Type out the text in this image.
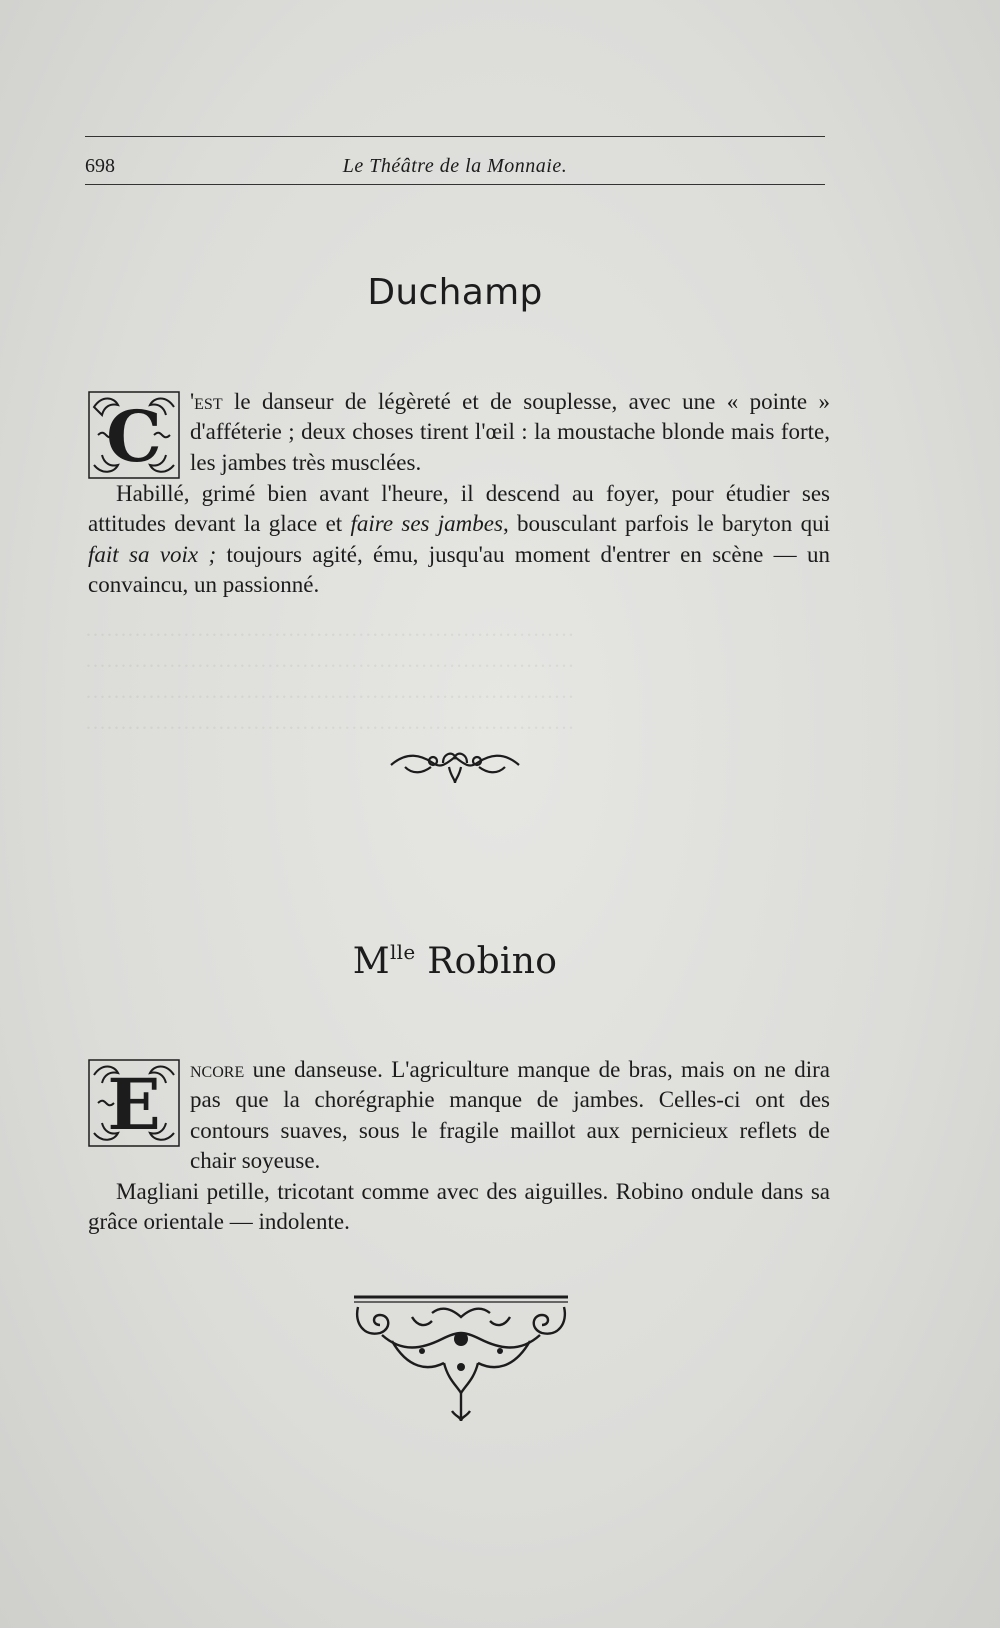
······································································
······································································
······································································
······································································
698	Le Théâtre de la Monnaie.
Duchamp

C 'est le danseur de légèreté et de souplesse, avec une « pointe » d'afféterie ; deux choses tirent l'œil : la moustache blonde mais forte, les jambes très musclées.

Habillé, grimé bien avant l'heure, il descend au foyer, pour étudier ses attitudes devant la glace et faire ses jambes, bousculant parfois le baryton qui fait sa voix ; toujours agité, ému, jusqu'au moment d'entrer en scène — un convaincu, un passionné.

$M^{lle}$ Robino

E ncore une danseuse. L'agriculture manque de bras, mais on ne dira pas que la chorégraphie manque de jambes. Celles-ci ont des contours suaves, sous le fragile maillot aux pernicieux reflets de chair soyeuse.

Magliani petille, tricotant comme avec des aiguilles. Robino ondule dans sa grâce orientale — indolente.
